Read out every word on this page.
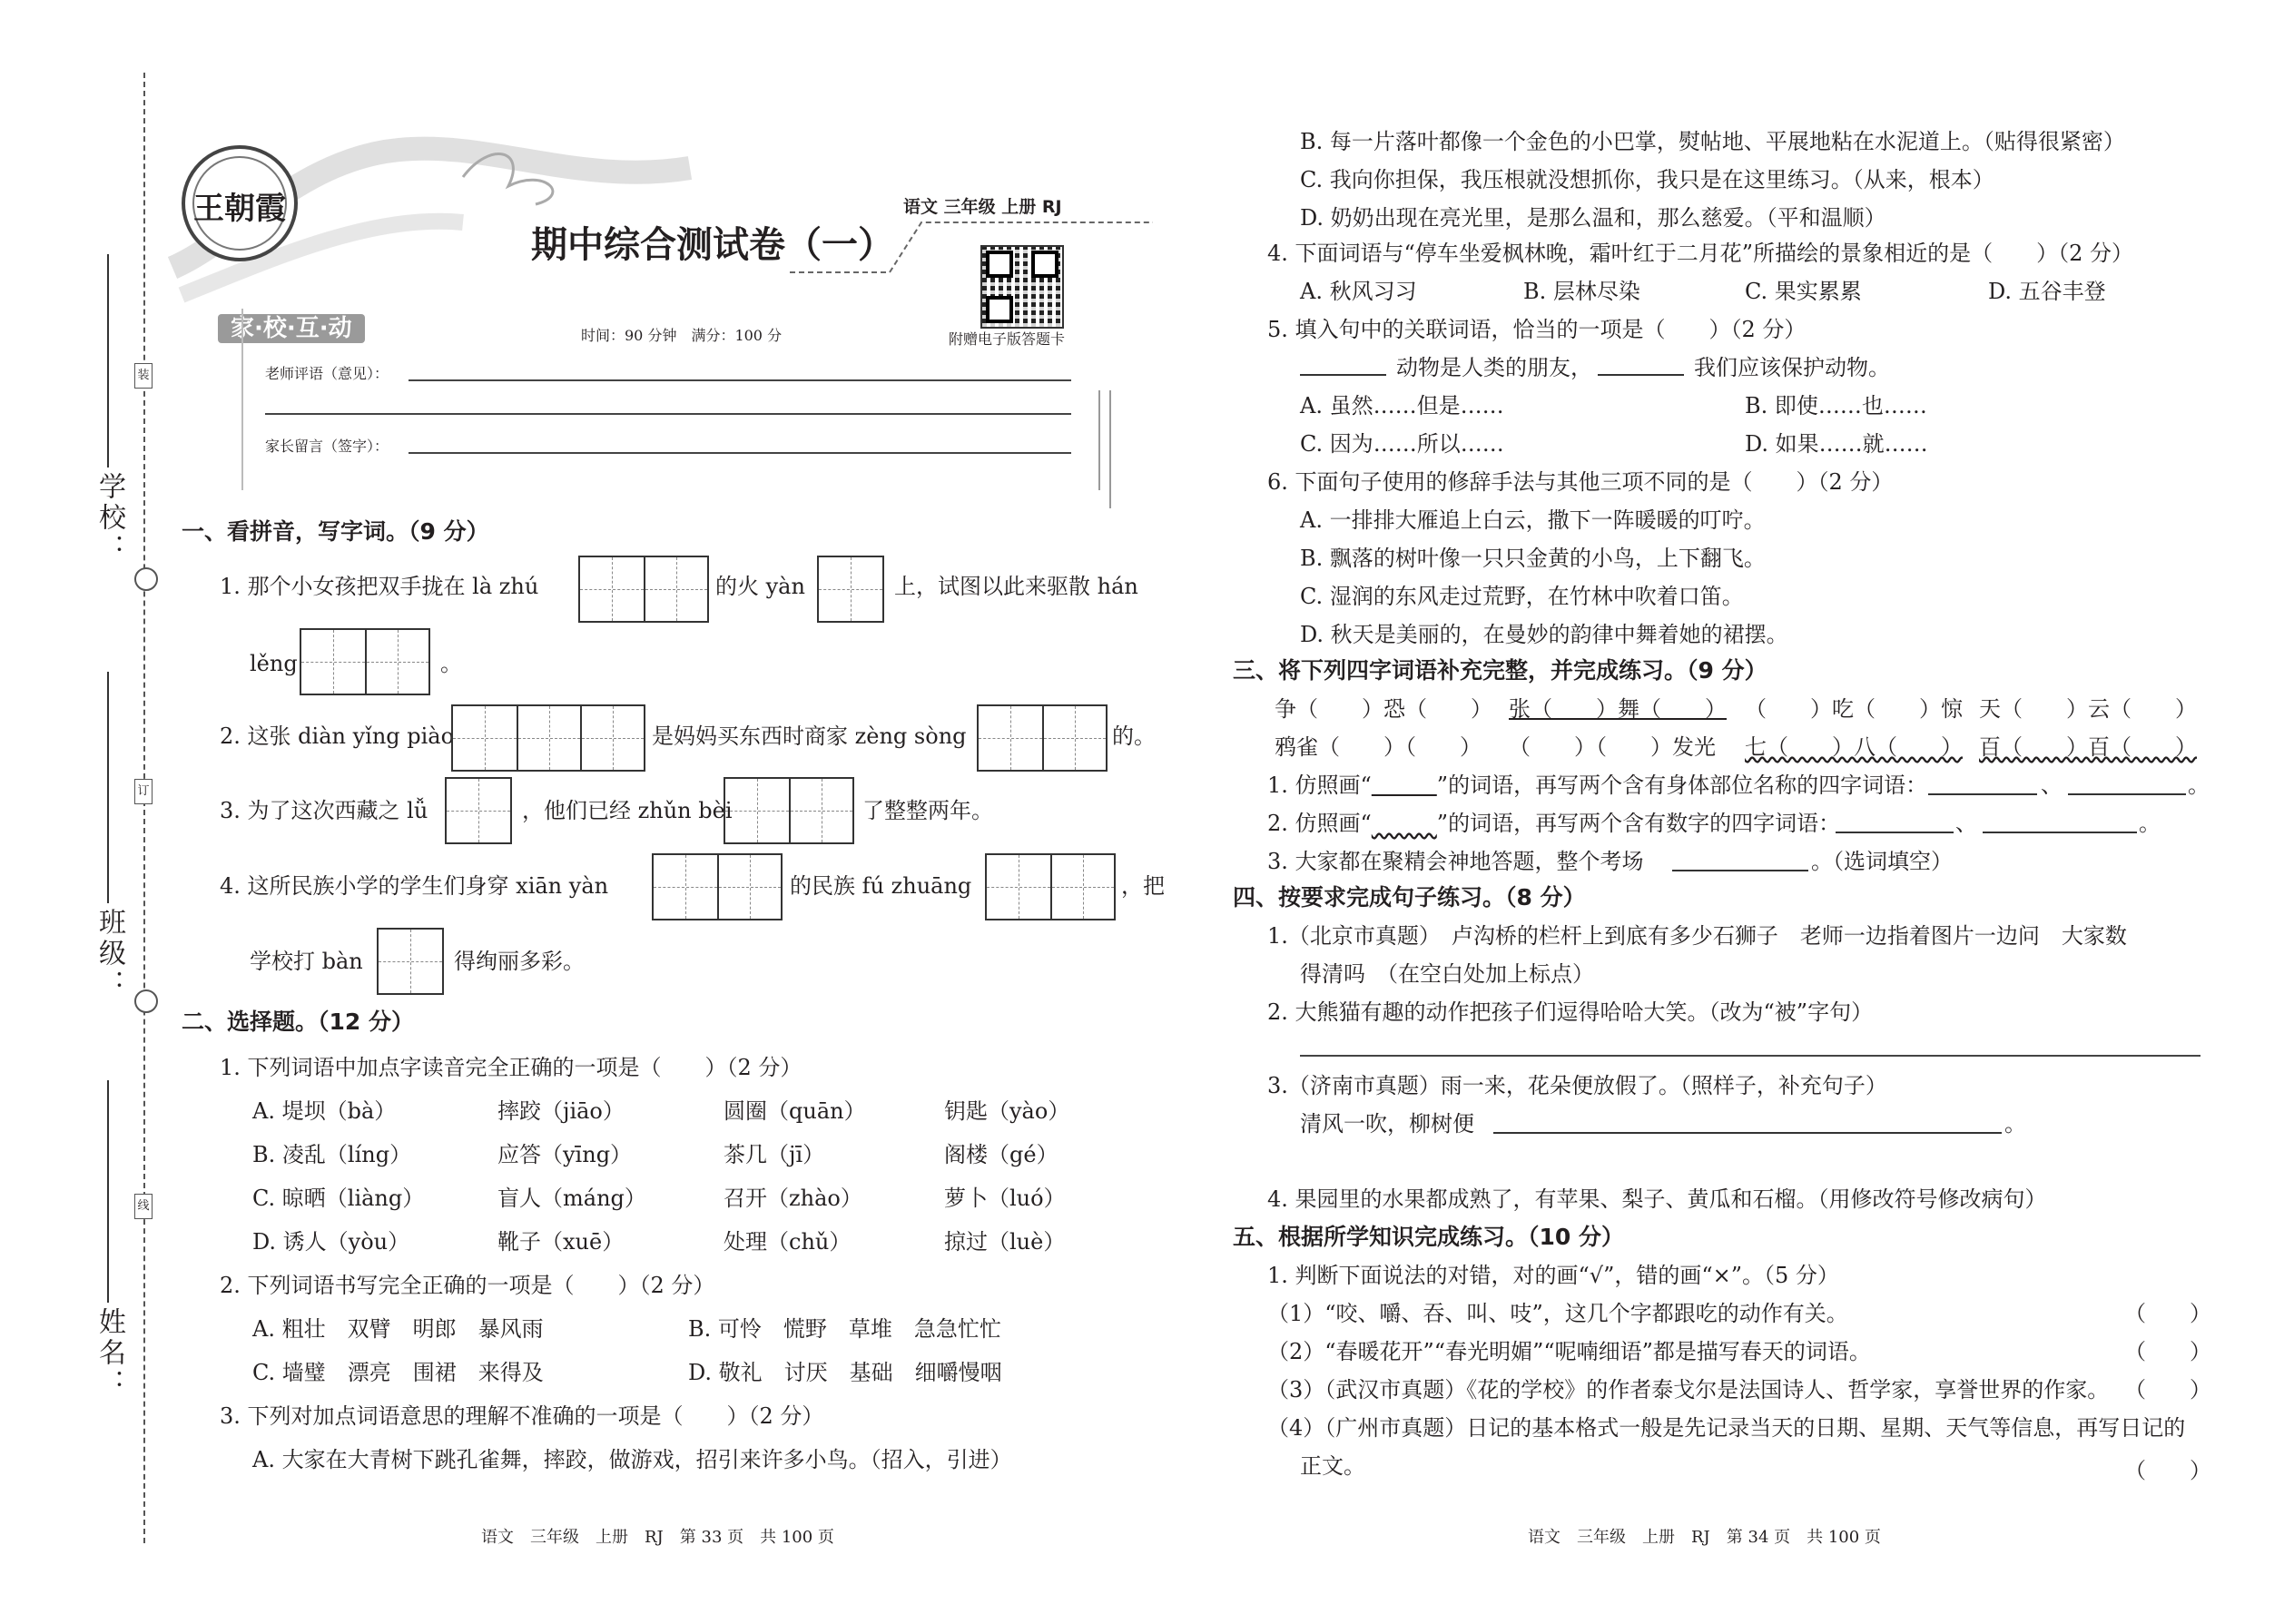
装
订
线
学校：
班级：
姓名：
王朝霞
期中综合测试卷（一）
语文 三年级 上册 RJ
附赠电子版答题卡
家·校·互·动	时间：90 分钟　满分：100 分
老师评语（意见）：
家长留言（签字）：
一、看拼音，写字词。（9 分）
1. 那个小女孩把双手拢在 là zhú	的火 yàn	上，试图以此来驱散 hán
lěng	。
2. 这张 diàn yǐng piào	是妈妈买东西时商家 zèng sòng	的。
3. 为了这次西藏之 lǚ	，他们已经 zhǔn bèi	了整整两年。
4. 这所民族小学的学生们身穿 xiān yàn	的民族 fú zhuāng	，把
学校打 bàn	得绚丽多彩。
二、选择题。（12 分）
1. 下列词语中加点字读音完全正确的一项是（　　）（2 分）
A. 堤坝（bà）	摔跤（jiāo）	圆圈（quān）	钥匙（yào）
B. 凌乱（líng）	应答（yīng）	茶几（jī）	阁楼（gé）
C. 晾晒（liàng）	盲人（máng）	召开（zhào）	萝卜（luó）
D. 诱人（yòu）	靴子（xuē）	处理（chǔ）	掠过（luè）
2. 下列词语书写完全正确的一项是（　　）（2 分）
A. 粗壮　双臂　明郎　暴风雨	B. 可怜　慌野　草堆　急急忙忙
C. 墙璧　漂亮　围裙　来得及	D. 敬礼　讨厌　基础　细嚼慢咽
3. 下列对加点词语意思的理解不准确的一项是（　　）（2 分）
A. 大家在大青树下跳孔雀舞，摔跤，做游戏，招引来许多小鸟。（招入，引进）
B. 每一片落叶都像一个金色的小巴掌，熨帖地、平展地粘在水泥道上。（贴得很紧密）
C. 我向你担保，我压根就没想抓你，我只是在这里练习。（从来，根本）
D. 奶奶出现在亮光里，是那么温和，那么慈爱。（平和温顺）
4. 下面词语与“停车坐爱枫林晚，霜叶红于二月花”所描绘的景象相近的是（　　）（2 分）
A. 秋风习习	B. 层林尽染	C. 果实累累	D. 五谷丰登
5. 填入句中的关联词语，恰当的一项是（　　）（2 分）
动物是人类的朋友，	我们应该保护动物。
A. 虽然……但是……	B. 即使……也……
C. 因为……所以……	D. 如果……就……
6. 下面句子使用的修辞手法与其他三项不同的是（　　）（2 分）
A. 一排排大雁追上白云，撒下一阵暖暖的叮咛。
B. 飘落的树叶像一只只金黄的小鸟，上下翻飞。
C. 湿润的东风走过荒野，在竹林中吹着口笛。
D. 秋天是美丽的，在曼妙的韵律中舞着她的裙摆。
三、将下列四字词语补充完整，并完成练习。（9 分）
争（　　）恐（　　） 张（　　）舞（　　） （　　）吃（　　）惊 天（　　）云（　　）
鸦雀（　　）（　　） （　　）（　　）发光 七（　　）八（　　） 百（　　）百（　　）
1. 仿照画“　　　	”的词语，再写两个含有身体部位名称的四字词语：	、	。
2. 仿照画“　　　	”的词语，再写两个含有数字的四字词语：	、	。
3. 大家都在聚精会神地答题，整个考场	。（选词填空）
四、按要求完成句子练习。（8 分）
1.（北京市真题）　卢沟桥的栏杆上到底有多少石狮子　老师一边指着图片一边问　大家数
得清吗　（在空白处加上标点）
2. 大熊猫有趣的动作把孩子们逗得哈哈大笑。（改为“被”字句）
3.（济南市真题）雨一来，花朵便放假了。（照样子，补充句子）
清风一吹，柳树便	。
4. 果园里的水果都成熟了，有苹果、梨子、黄瓜和石榴。（用修改符号修改病句）
五、根据所学知识完成练习。（10 分）
1. 判断下面说法的对错，对的画“√”，错的画“×”。（5 分）
（1）“咬、嚼、吞、叫、吱”，这几个字都跟吃的动作有关。	（　　）
（2）“春暖花开”“春光明媚”“呢喃细语”都是描写春天的词语。	（　　）
（3）（武汉市真题）《花的学校》的作者泰戈尔是法国诗人、哲学家，享誉世界的作家。 （　　）
（4）（广州市真题）日记的基本格式一般是先记录当天的日期、星期、天气等信息，再写日记的
正文。	（　　）
语文　三年级　上册　RJ　第 33 页　共 100 页	语文　三年级　上册　RJ　第 34 页　共 100 页
